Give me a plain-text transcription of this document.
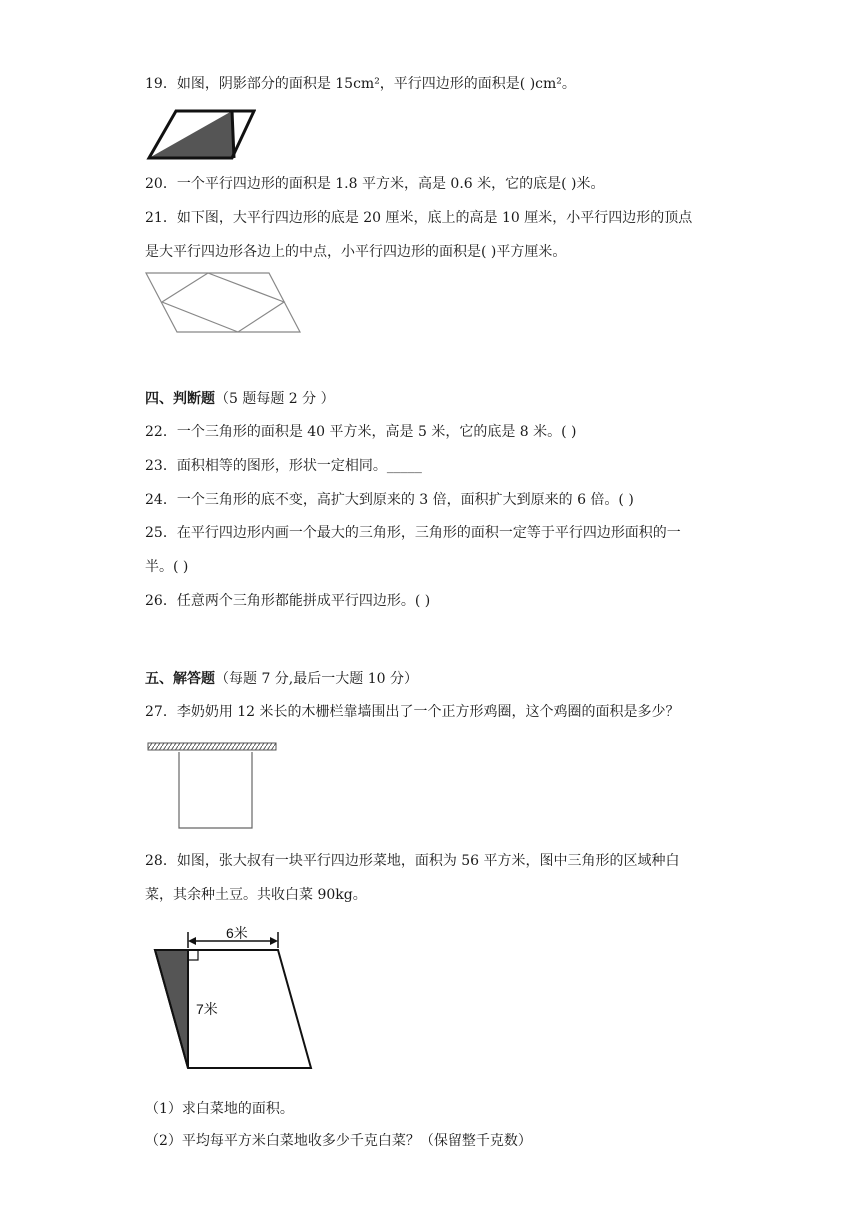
19．如图，阴影部分的面积是 15cm²，平行四边形的面积是( )cm²。
20．一个平行四边形的面积是 1.8 平方米，高是 0.6 米，它的底是( )米。
21．如下图，大平行四边形的底是 20 厘米，底上的高是 10 厘米，小平行四边形的顶点
是大平行四边形各边上的中点，小平行四边形的面积是( )平方厘米。
四、判断题（5 题每题 2 分 ）
22．一个三角形的面积是 40 平方米，高是 5 米，它的底是 8 米。( )
23．面积相等的图形，形状一定相同。_____
24．一个三角形的底不变，高扩大到原来的 3 倍，面积扩大到原来的 6 倍。( )
25．在平行四边形内画一个最大的三角形，三角形的面积一定等于平行四边形面积的一
半。( )
26．任意两个三角形都能拼成平行四边形。( )
五、解答题（每题 7 分,最后一大题 10 分）
27．李奶奶用 12 米长的木栅栏靠墙围出了一个正方形鸡圈，这个鸡圈的面积是多少？
28．如图，张大叔有一块平行四边形菜地，面积为 56 平方米，图中三角形的区域种白
菜，其余种土豆。共收白菜 90kg。
6米
7米
（1）求白菜地的面积。
（2）平均每平方米白菜地收多少千克白菜？（保留整千克数）
